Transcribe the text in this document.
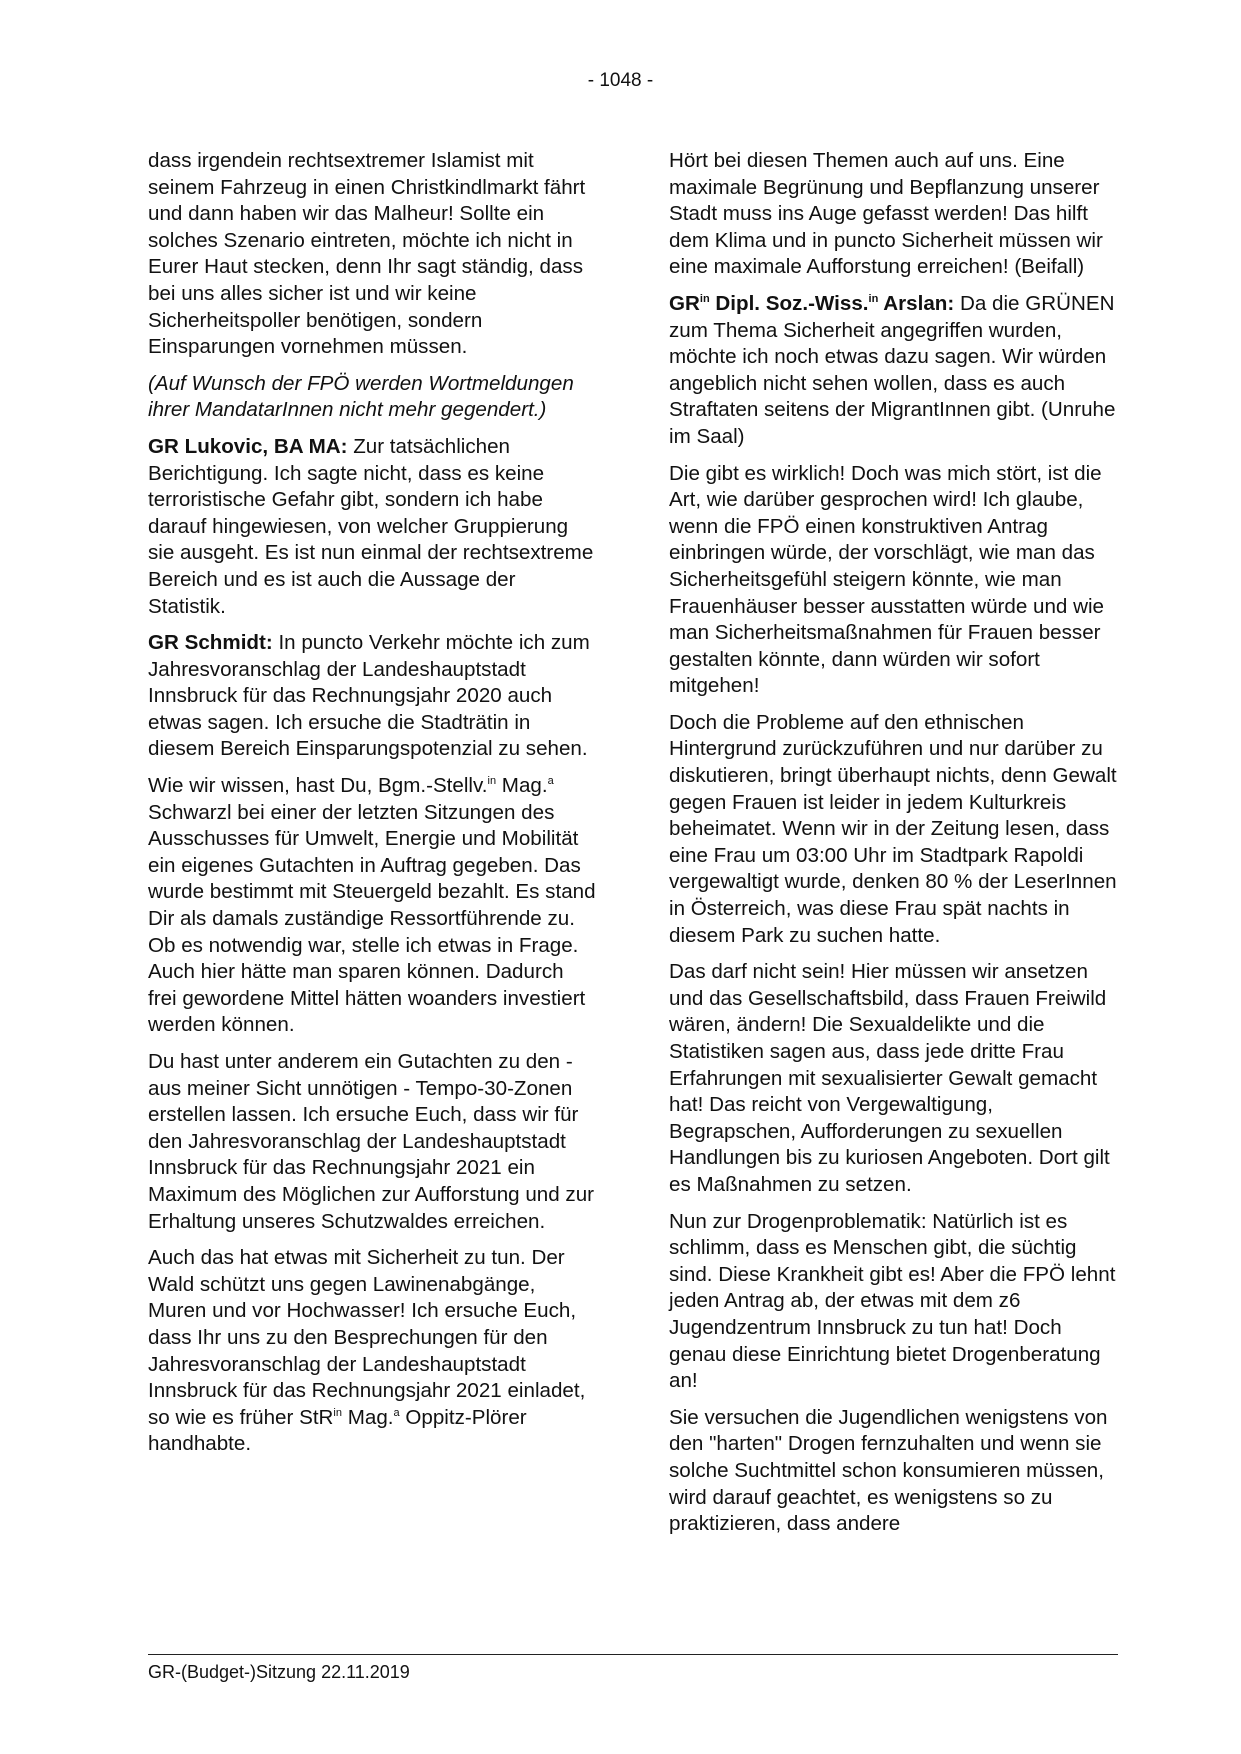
- 1048 -

dass irgendein rechtsextremer Islamist mit seinem Fahrzeug in einen Christkindlmarkt fährt und dann haben wir das Malheur! Sollte ein solches Szenario eintreten, möchte ich nicht in Eurer Haut stecken, denn Ihr sagt ständig, dass bei uns alles sicher ist und wir keine Sicherheitspoller benötigen, sondern Einsparungen vornehmen müssen.

(Auf Wunsch der FPÖ werden Wortmeldungen ihrer MandatarInnen nicht mehr gegendert.)

GR Lukovic, BA MA: Zur tatsächlichen Berichtigung. Ich sagte nicht, dass es keine terroristische Gefahr gibt, sondern ich habe darauf hingewiesen, von welcher Gruppierung sie ausgeht. Es ist nun einmal der rechtsextreme Bereich und es ist auch die Aussage der Statistik.

GR Schmidt: In puncto Verkehr möchte ich zum Jahresvoranschlag der Landeshauptstadt Innsbruck für das Rechnungsjahr 2020 auch etwas sagen. Ich ersuche die Stadträtin in diesem Bereich Einsparungspotenzial zu sehen.

Wie wir wissen, hast Du, Bgm.-Stellv.$^{in}$ Mag.$^a$ Schwarzl bei einer der letzten Sitzungen des Ausschusses für Umwelt, Energie und Mobilität ein eigenes Gutachten in Auftrag gegeben. Das wurde bestimmt mit Steuergeld bezahlt. Es stand Dir als damals zuständige Ressortführende zu. Ob es notwendig war, stelle ich etwas in Frage. Auch hier hätte man sparen können. Dadurch frei gewordene Mittel hätten woanders investiert werden können.

Du hast unter anderem ein Gutachten zu den - aus meiner Sicht unnötigen - Tempo-30-Zonen erstellen lassen. Ich ersuche Euch, dass wir für den Jahresvoranschlag der Landeshauptstadt Innsbruck für das Rechnungsjahr 2021 ein Maximum des Möglichen zur Aufforstung und zur Erhaltung unseres Schutzwaldes erreichen.

Auch das hat etwas mit Sicherheit zu tun. Der Wald schützt uns gegen Lawinenabgänge, Muren und vor Hochwasser! Ich ersuche Euch, dass Ihr uns zu den Besprechungen für den Jahresvoranschlag der Landeshauptstadt Innsbruck für das Rechnungsjahr 2021 einladet, so wie es früher StR$^{in}$ Mag.$^a$ Oppitz-Plörer handhabte.

Hört bei diesen Themen auch auf uns. Eine maximale Begrünung und Bepflanzung unserer Stadt muss ins Auge gefasst werden! Das hilft dem Klima und in puncto Sicherheit müssen wir eine maximale Aufforstung erreichen! (Beifall)

$GR^{in}$ Dipl. Soz.-Wiss.$^{in}$ Arslan: Da die GRÜNEN zum Thema Sicherheit angegriffen wurden, möchte ich noch etwas dazu sagen. Wir würden angeblich nicht sehen wollen, dass es auch Straftaten seitens der MigrantInnen gibt. (Unruhe im Saal)

Die gibt es wirklich! Doch was mich stört, ist die Art, wie darüber gesprochen wird! Ich glaube, wenn die FPÖ einen konstruktiven Antrag einbringen würde, der vorschlägt, wie man das Sicherheitsgefühl steigern könnte, wie man Frauenhäuser besser ausstatten würde und wie man Sicherheitsmaßnahmen für Frauen besser gestalten könnte, dann würden wir sofort mitgehen!

Doch die Probleme auf den ethnischen Hintergrund zurückzuführen und nur darüber zu diskutieren, bringt überhaupt nichts, denn Gewalt gegen Frauen ist leider in jedem Kulturkreis beheimatet. Wenn wir in der Zeitung lesen, dass eine Frau um 03:00 Uhr im Stadtpark Rapoldi vergewaltigt wurde, denken 80 % der LeserInnen in Österreich, was diese Frau spät nachts in diesem Park zu suchen hatte.

Das darf nicht sein! Hier müssen wir ansetzen und das Gesellschaftsbild, dass Frauen Freiwild wären, ändern! Die Sexualdelikte und die Statistiken sagen aus, dass jede dritte Frau Erfahrungen mit sexualisierter Gewalt gemacht hat! Das reicht von Vergewaltigung, Begrapschen, Aufforderungen zu sexuellen Handlungen bis zu kuriosen Angeboten. Dort gilt es Maßnahmen zu setzen.

Nun zur Drogenproblematik: Natürlich ist es schlimm, dass es Menschen gibt, die süchtig sind. Diese Krankheit gibt es! Aber die FPÖ lehnt jeden Antrag ab, der etwas mit dem z6 Jugendzentrum Innsbruck zu tun hat! Doch genau diese Einrichtung bietet Drogenberatung an!

Sie versuchen die Jugendlichen wenigstens von den "harten" Drogen fernzuhalten und wenn sie solche Suchtmittel schon konsumieren müssen, wird darauf geachtet, es wenigstens so zu praktizieren, dass andere

GR-(Budget-)Sitzung 22.11.2019
